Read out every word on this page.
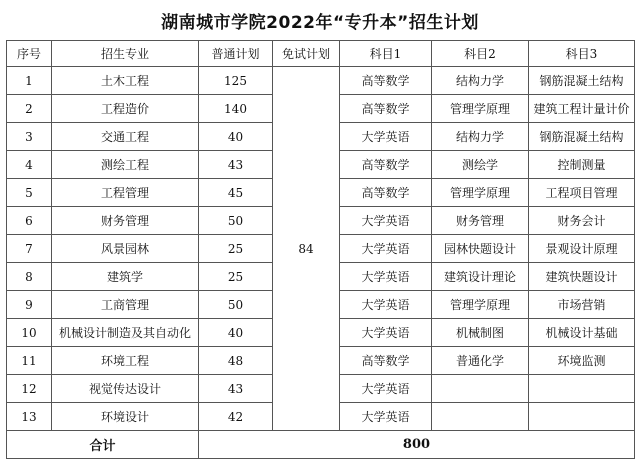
湖南城市学院2022年“专升本”招生计划
序号	招生专业	普通计划	免试计划	科目1	科目2	科目3
1	土木工程	125	84	高等数学	结构力学	钢筋混凝土结构
2	工程造价	140		高等数学	管理学原理	建筑工程计量计价
3	交通工程	40		大学英语	结构力学	钢筋混凝土结构
4	测绘工程	43		高等数学	测绘学	控制测量
5	工程管理	45		高等数学	管理学原理	工程项目管理
6	财务管理	50		大学英语	财务管理	财务会计
7	风景园林	25		大学英语	园林快题设计	景观设计原理
8	建筑学	25		大学英语	建筑设计理论	建筑快题设计
9	工商管理	50		大学英语	管理学原理	市场营销
10	机械设计制造及其自动化	40		大学英语	机械制图	机械设计基础
11	环境工程	48		高等数学	普通化学	环境监测
12	视觉传达设计	43		大学英语		
13	环境设计	42		大学英语		
合计		800				
